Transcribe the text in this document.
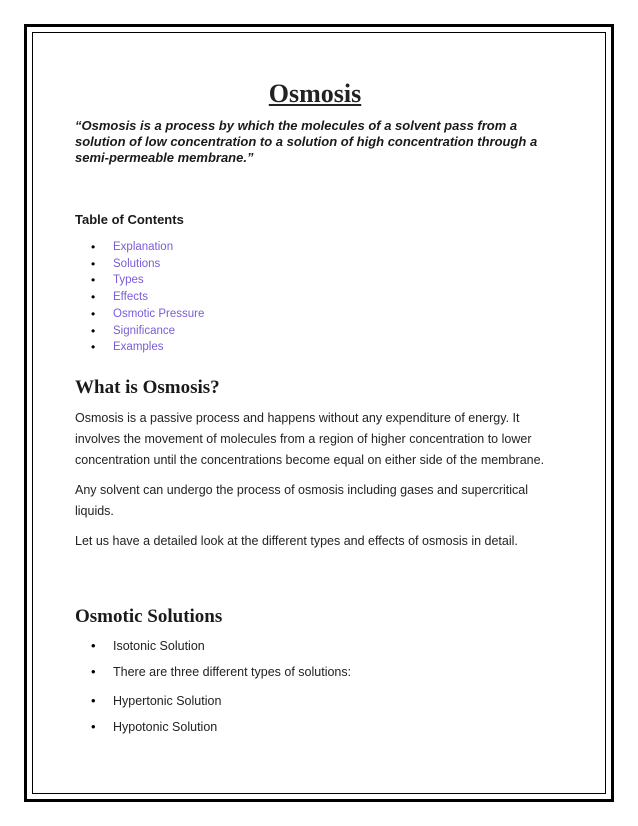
Osmosis

“Osmosis is a process by which the molecules of a solvent pass from a solution of low concentration to a solution of high concentration through a semi-permeable membrane.”

Table of Contents
• Explanation
• Solutions
• Types
• Effects
• Osmotic Pressure
• Significance
• Examples
What is Osmosis?

Osmosis is a passive process and happens without any expenditure of energy. It involves the movement of molecules from a region of higher concentration to lower concentration until the concentrations become equal on either side of the membrane.

Any solvent can undergo the process of osmosis including gases and supercritical liquids.

Let us have a detailed look at the different types and effects of osmosis in detail.

Osmotic Solutions
• Isotonic Solution
• There are three different types of solutions:
• Hypertonic Solution
• Hypotonic Solution
